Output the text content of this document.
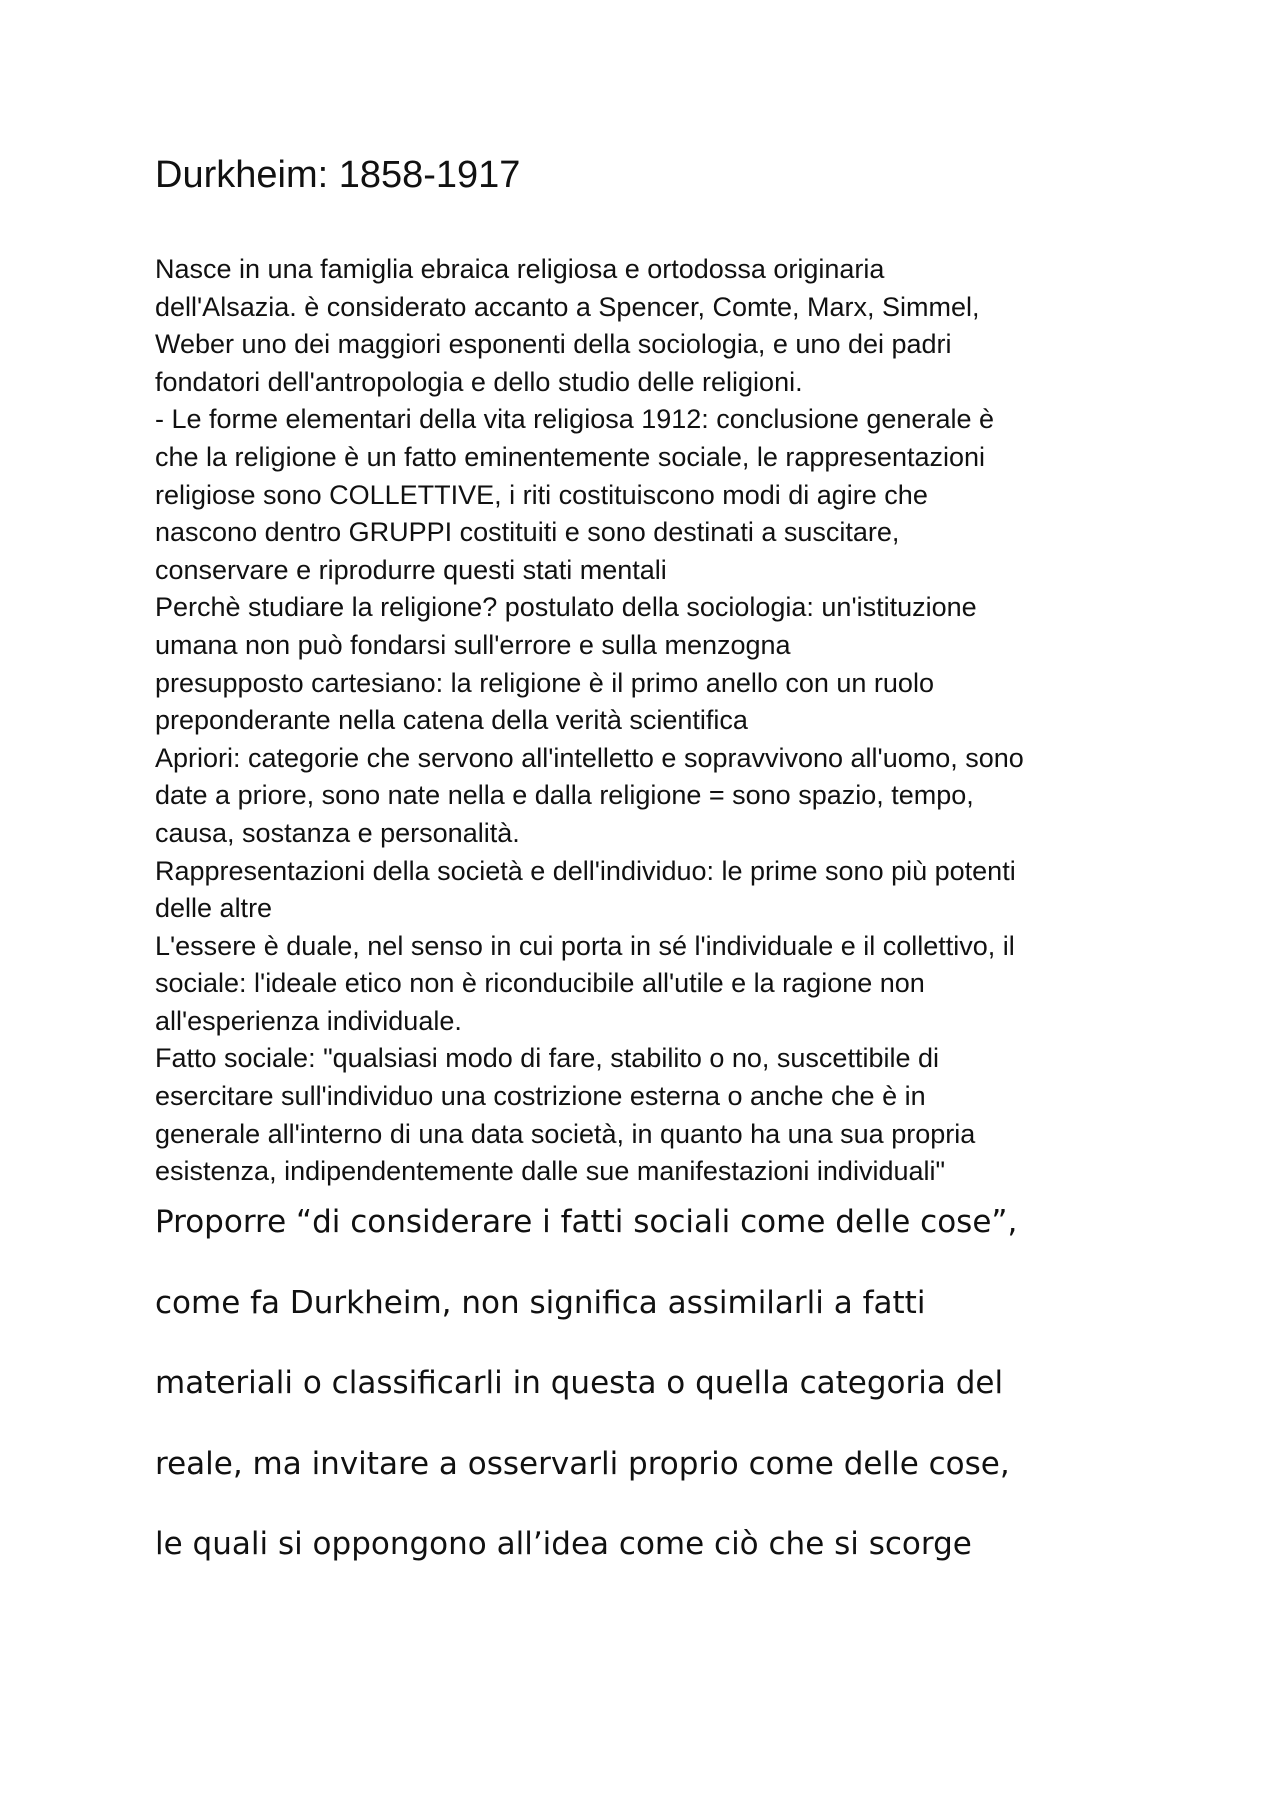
Durkheim: 1858-1917
Nasce in una famiglia ebraica religiosa e ortodossa originaria
dell'Alsazia. è considerato accanto a Spencer, Comte, Marx, Simmel,
Weber uno dei maggiori esponenti della sociologia, e uno dei padri
fondatori dell'antropologia e dello studio delle religioni.
- Le forme elementari della vita religiosa 1912: conclusione generale è
che la religione è un fatto eminentemente sociale, le rappresentazioni
religiose sono COLLETTIVE, i riti costituiscono modi di agire che
nascono dentro GRUPPI costituiti e sono destinati a suscitare,
conservare e riprodurre questi stati mentali
Perchè studiare la religione? postulato della sociologia: un'istituzione
umana non può fondarsi sull'errore e sulla menzogna
presupposto cartesiano: la religione è il primo anello con un ruolo
preponderante nella catena della verità scientifica
Apriori: categorie che servono all'intelletto e sopravvivono all'uomo, sono
date a priore, sono nate nella e dalla religione = sono spazio, tempo,
causa, sostanza e personalità.
Rappresentazioni della società e dell'individuo: le prime sono più potenti
delle altre
L'essere è duale, nel senso in cui porta in sé l'individuale e il collettivo, il
sociale: l'ideale etico non è riconducibile all'utile e la ragione non
all'esperienza individuale.
Fatto sociale: "qualsiasi modo di fare, stabilito o no, suscettibile di
esercitare sull'individuo una costrizione esterna o anche che è in
generale all'interno di una data società, in quanto ha una sua propria
esistenza, indipendentemente dalle sue manifestazioni individuali"
Proporre “di considerare i fatti sociali come delle cose”,
come fa Durkheim, non significa assimilarli a fatti
materiali o classificarli in questa o quella categoria del
reale, ma invitare a osservarli proprio come delle cose,
le quali si oppongono all’idea come ciò che si scorge
